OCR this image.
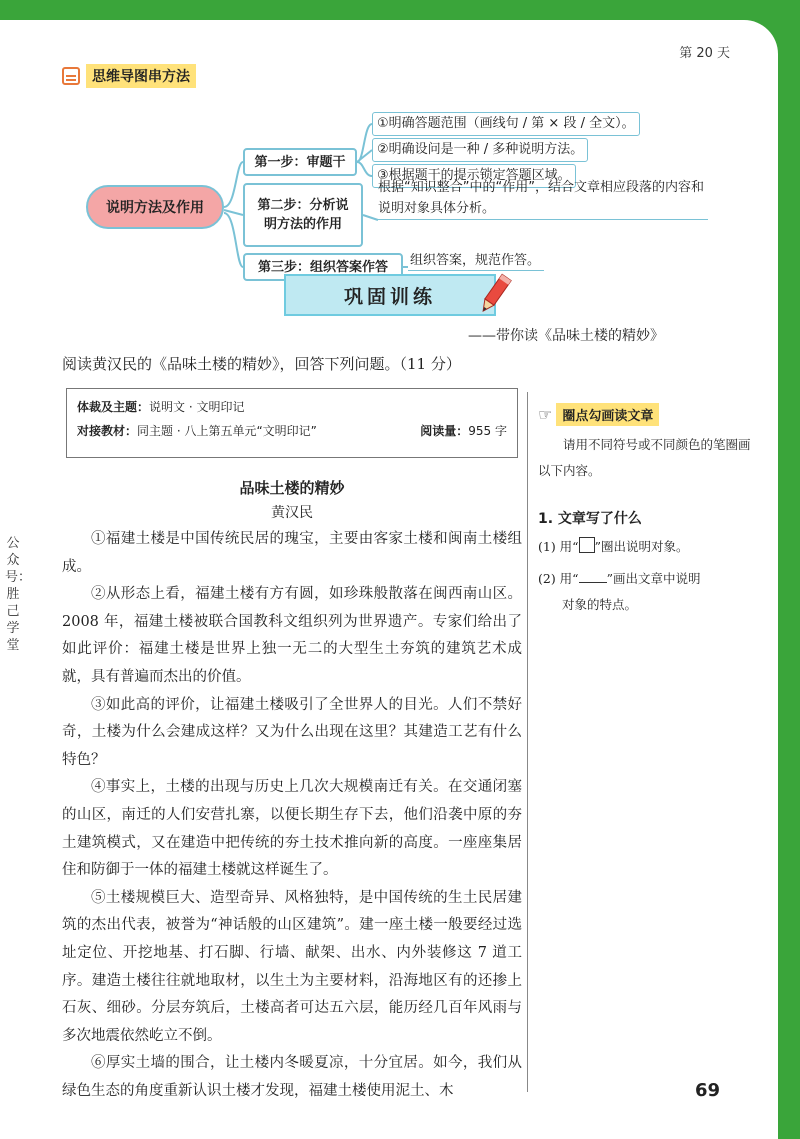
第 20 天
思维导图串方法
说明方法及作用
第一步：审题干
第二步：分析说
明方法的作用
第三步：组织答案作答
①明确答题范围（画线句 / 第 × 段 / 全文）。
②明确设问是一种 / 多种说明方法。
③根据题干的提示锁定答题区域。
根据“知识整合”中的“作用”，结合文章相应段落的内容和说明对象具体分析。
组织答案，规范作答。
巩固训练
——带你读《品味土楼的精妙》
阅读黄汉民的《品味土楼的精妙》，回答下列问题。（11 分）
体裁及主题：说明文 · 文明印记
对接教材：同主题 · 八上第五单元“文明印记”	阅读量：955 字
品味土楼的精妙
黄汉民

①福建土楼是中国传统民居的瑰宝，主要由客家土楼和闽南土楼组成。

②从形态上看，福建土楼有方有圆，如珍珠般散落在闽西南山区。2008 年，福建土楼被联合国教科文组织列为世界遗产。专家们给出了如此评价：福建土楼是世界上独一无二的大型生土夯筑的建筑艺术成就，具有普遍而杰出的价值。

③如此高的评价，让福建土楼吸引了全世界人的目光。人们不禁好奇，土楼为什么会建成这样？又为什么出现在这里？其建造工艺有什么特色？

④事实上，土楼的出现与历史上几次大规模南迁有关。在交通闭塞的山区，南迁的人们安营扎寨，以便长期生存下去，他们沿袭中原的夯土建筑模式，又在建造中把传统的夯土技术推向新的高度。一座座集居住和防御于一体的福建土楼就这样诞生了。

⑤土楼规模巨大、造型奇异、风格独特，是中国传统的生土民居建筑的杰出代表，被誉为“神话般的山区建筑”。建一座土楼一般要经过选址定位、开挖地基、打石脚、行墙、献架、出水、内外装修这 7 道工序。建造土楼往往就地取材，以生土为主要材料，沿海地区有的还掺上石灰、细砂。分层夯筑后，土楼高者可达五六层，能历经几百年风雨与多次地震依然屹立不倒。

⑥厚实土墙的围合，让土楼内冬暖夏凉，十分宜居。如今，我们从绿色生态的角度重新认识土楼才发现，福建土楼使用泥土、木

☞ 圈点勾画读文章
请用不同符号或不同颜色的笔圈画以下内容。
1. 文章写了什么
(1) 用“ ”圈出说明对象。
(2) 用“ ”画出文章中说明
对象的特点。
公众号：胜己学堂
69
